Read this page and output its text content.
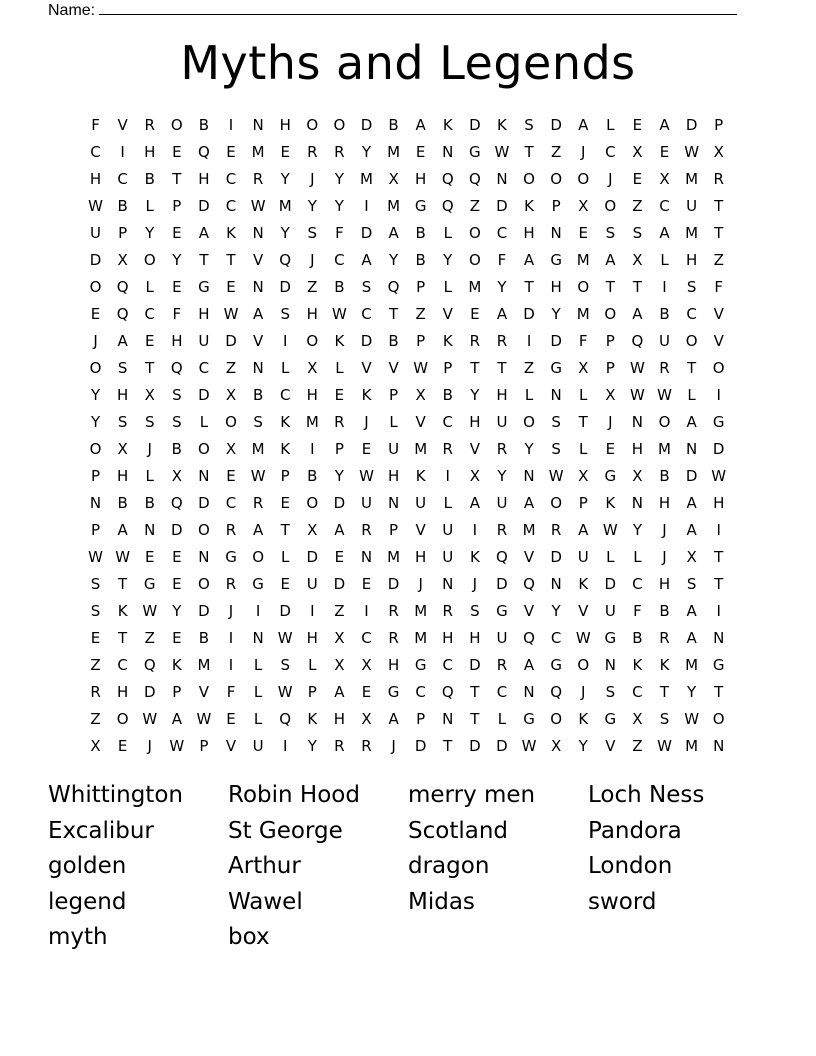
Name:
Myths and Legends
F	V	R	O	B	I	N	H	O	O	D	B	A	K	D	K	S	D	A	L	E	A	D	P
C	I	H	E	Q	E	M	E	R	R	Y	M	E	N	G W	T	Z	J	C	X	E W X
H	C	B	T	H	C	R	Y	J	Y	M	X	H	Q	Q	N	O	O	O	J	E	X	M	R
W B	L	P	D	C W M	Y	Y	I	M G	Q	Z	D	K	P	X	O	Z	C	U	T
U	P	Y	E	A	K	N	Y	S	F	D	A	B	L	O	C	H	N	E	S	S	A	M	T
D	X	O	Y	T	T	V	Q	J	C	A	Y	B	Y	O	F	A	G M	A	X	L	H	Z
O	Q	L	E	G	E	N	D	Z	B	S	Q	P	L	M	Y	T	H	O	T	T	I	S	F
E	Q	C	F	H W A	S	H W C	T	Z	V	E	A	D	Y	M O	A	B	C	V
J	A	E	H	U	D	V	I	O	K	D	B	P	K	R	R	I	D	F	P	Q	U	O	V
O	S	T	Q	C	Z	N	L	X	L	V	V W	P	T	T	Z	G	X	P	W R	T	O
Y	H	X	S	D	X	B	C	H	E	K	P	X	B	Y	H	L	N	L	X W W	L	I
Y	S	S	S	L	O	S	K	M	R	J	L	V	C	H	U	O	S	T	J	N	O	A	G
O	X	J	B	O	X	M	K	I	P	E	U	M	R	V	R	Y	S	L	E	H M	N	D
P	H	L	X	N	E W	P	B	Y	W H	K	I	X	Y	N W X	G	X	B	D W
N	B	B	Q	D	C	R	E	O	D	U	N	U	L	A	U	A	O	P	K	N	H	A	H
P	A	N	D	O	R	A	T	X	A	R	P	V	U	I	R	M	R	A W	Y	J	A	I
W W E	E	N	G	O	L	D	E	N	M H	U	K	Q	V	D	U	L	L	J	X	T
S	T	G	E	O	R	G	E	U	D	E	D	J	N	J	D	Q	N	K	D	C	H	S	T
S	K W	Y	D	J	I	D	I	Z	I	R	M	R	S	G	V	Y	V	U	F	B	A	I
E	T	Z	E	B	I	N W H	X	C	R	M H	H	U	Q	C W G	B	R	A	N
Z	C	Q	K	M	I	L	S	L	X	X	H	G	C	D	R	A	G	O	N	K	K	M G
R	H	D	P	V	F	L	W	P	A	E	G	C	Q	T	C	N	Q	J	S	C	T	Y	T
Z	O W A W E	L	Q	K	H	X	A	P	N	T	L	G	O	K	G	X	S W O
X	E	J	W	P	V	U	I	Y	R	R	J	D	T	D	D W X	Y	V	Z W M	N
Whittington	Robin Hood	merry men	Loch Ness
Excalibur	St George	Scotland	Pandora
golden	Arthur	dragon	London
legend	Wawel	Midas	sword
myth	box
